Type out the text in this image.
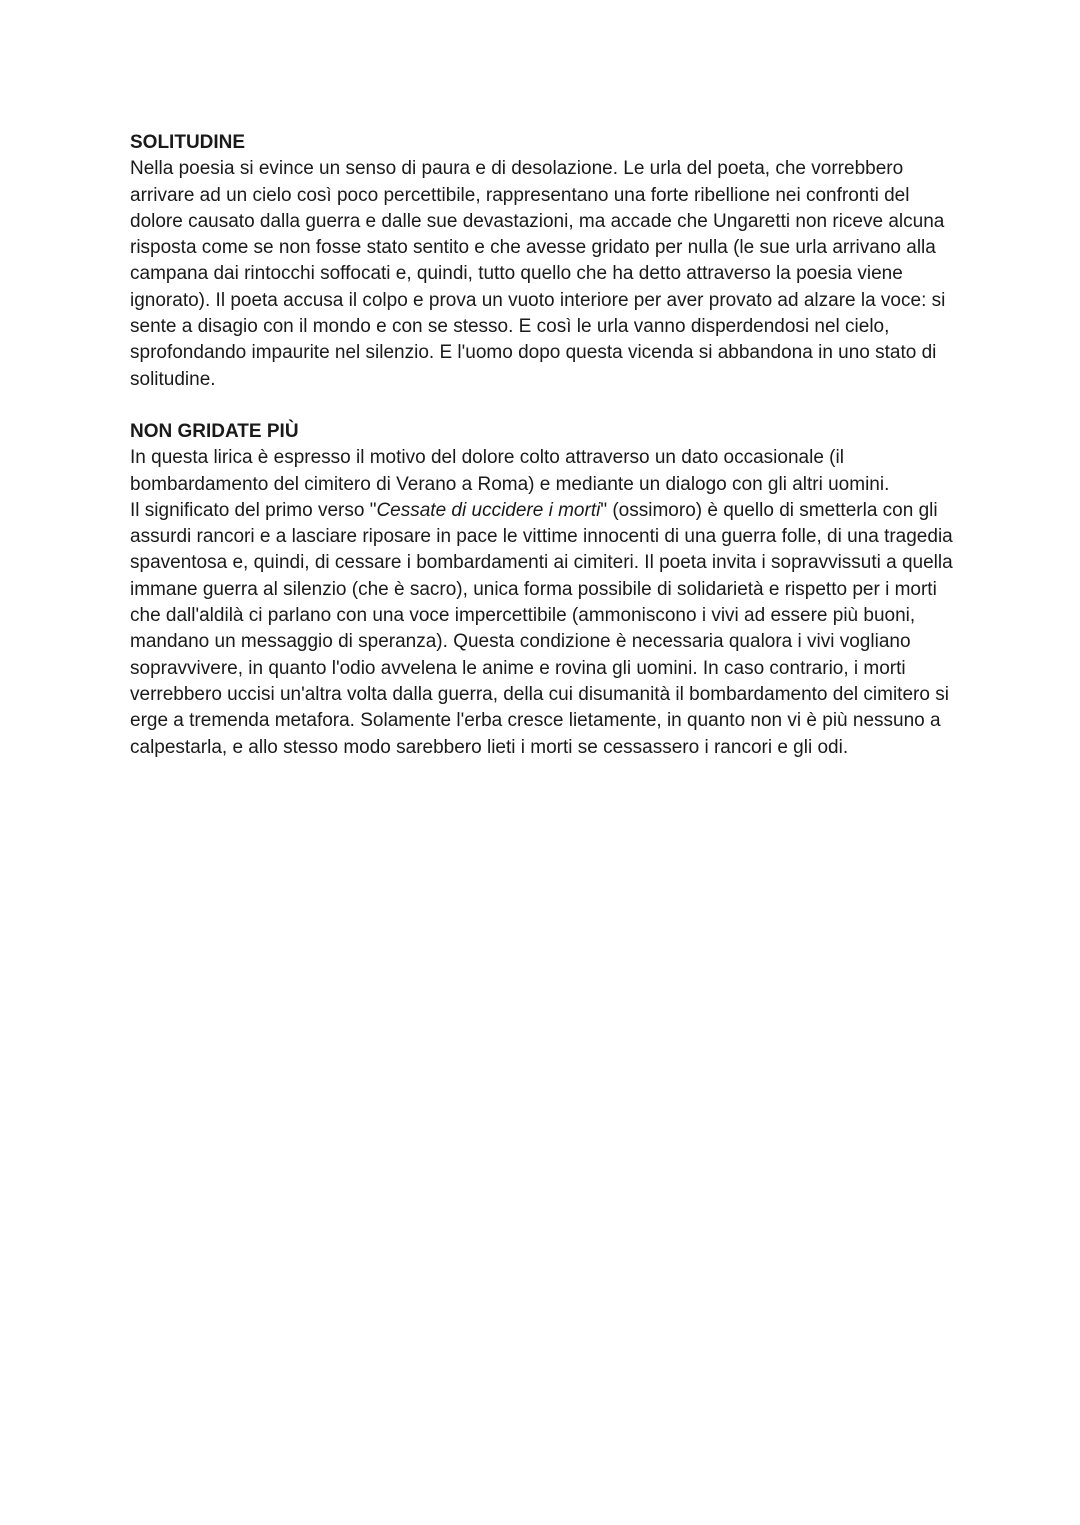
SOLITUDINE

Nella poesia si evince un senso di paura e di desolazione. Le urla del poeta, che vorrebbero arrivare ad un cielo così poco percettibile, rappresentano una forte ribellione nei confronti del dolore causato dalla guerra e dalle sue devastazioni, ma accade che Ungaretti non riceve alcuna risposta come se non fosse stato sentito e che avesse gridato per nulla (le sue urla arrivano alla campana dai rintocchi soffocati e, quindi, tutto quello che ha detto attraverso la poesia viene ignorato). Il poeta accusa il colpo e prova un vuoto interiore per aver provato ad alzare la voce: si sente a disagio con il mondo e con se stesso. E così le urla vanno disperdendosi nel cielo, sprofondando impaurite nel silenzio. E l'uomo dopo questa vicenda si abbandona in uno stato di solitudine.

NON GRIDATE PIÙ

In questa lirica è espresso il motivo del dolore colto attraverso un dato occasionale (il bombardamento del cimitero di Verano a Roma) e mediante un dialogo con gli altri uomini.

Il significato del primo verso "Cessate di uccidere i morti" (ossimoro) è quello di smetterla con gli assurdi rancori e a lasciare riposare in pace le vittime innocenti di una guerra folle, di una tragedia spaventosa e, quindi, di cessare i bombardamenti ai cimiteri. Il poeta invita i sopravvissuti a quella immane guerra al silenzio (che è sacro), unica forma possibile di solidarietà e rispetto per i morti che dall'aldilà ci parlano con una voce impercettibile (ammoniscono i vivi ad essere più buoni, mandano un messaggio di speranza). Questa condizione è necessaria qualora i vivi vogliano sopravvivere, in quanto l'odio avvelena le anime e rovina gli uomini. In caso contrario, i morti verrebbero uccisi un'altra volta dalla guerra, della cui disumanità il bombardamento del cimitero si erge a tremenda metafora. Solamente l'erba cresce lietamente, in quanto non vi è più nessuno a calpestarla, e allo stesso modo sarebbero lieti i morti se cessassero i rancori e gli odi.
